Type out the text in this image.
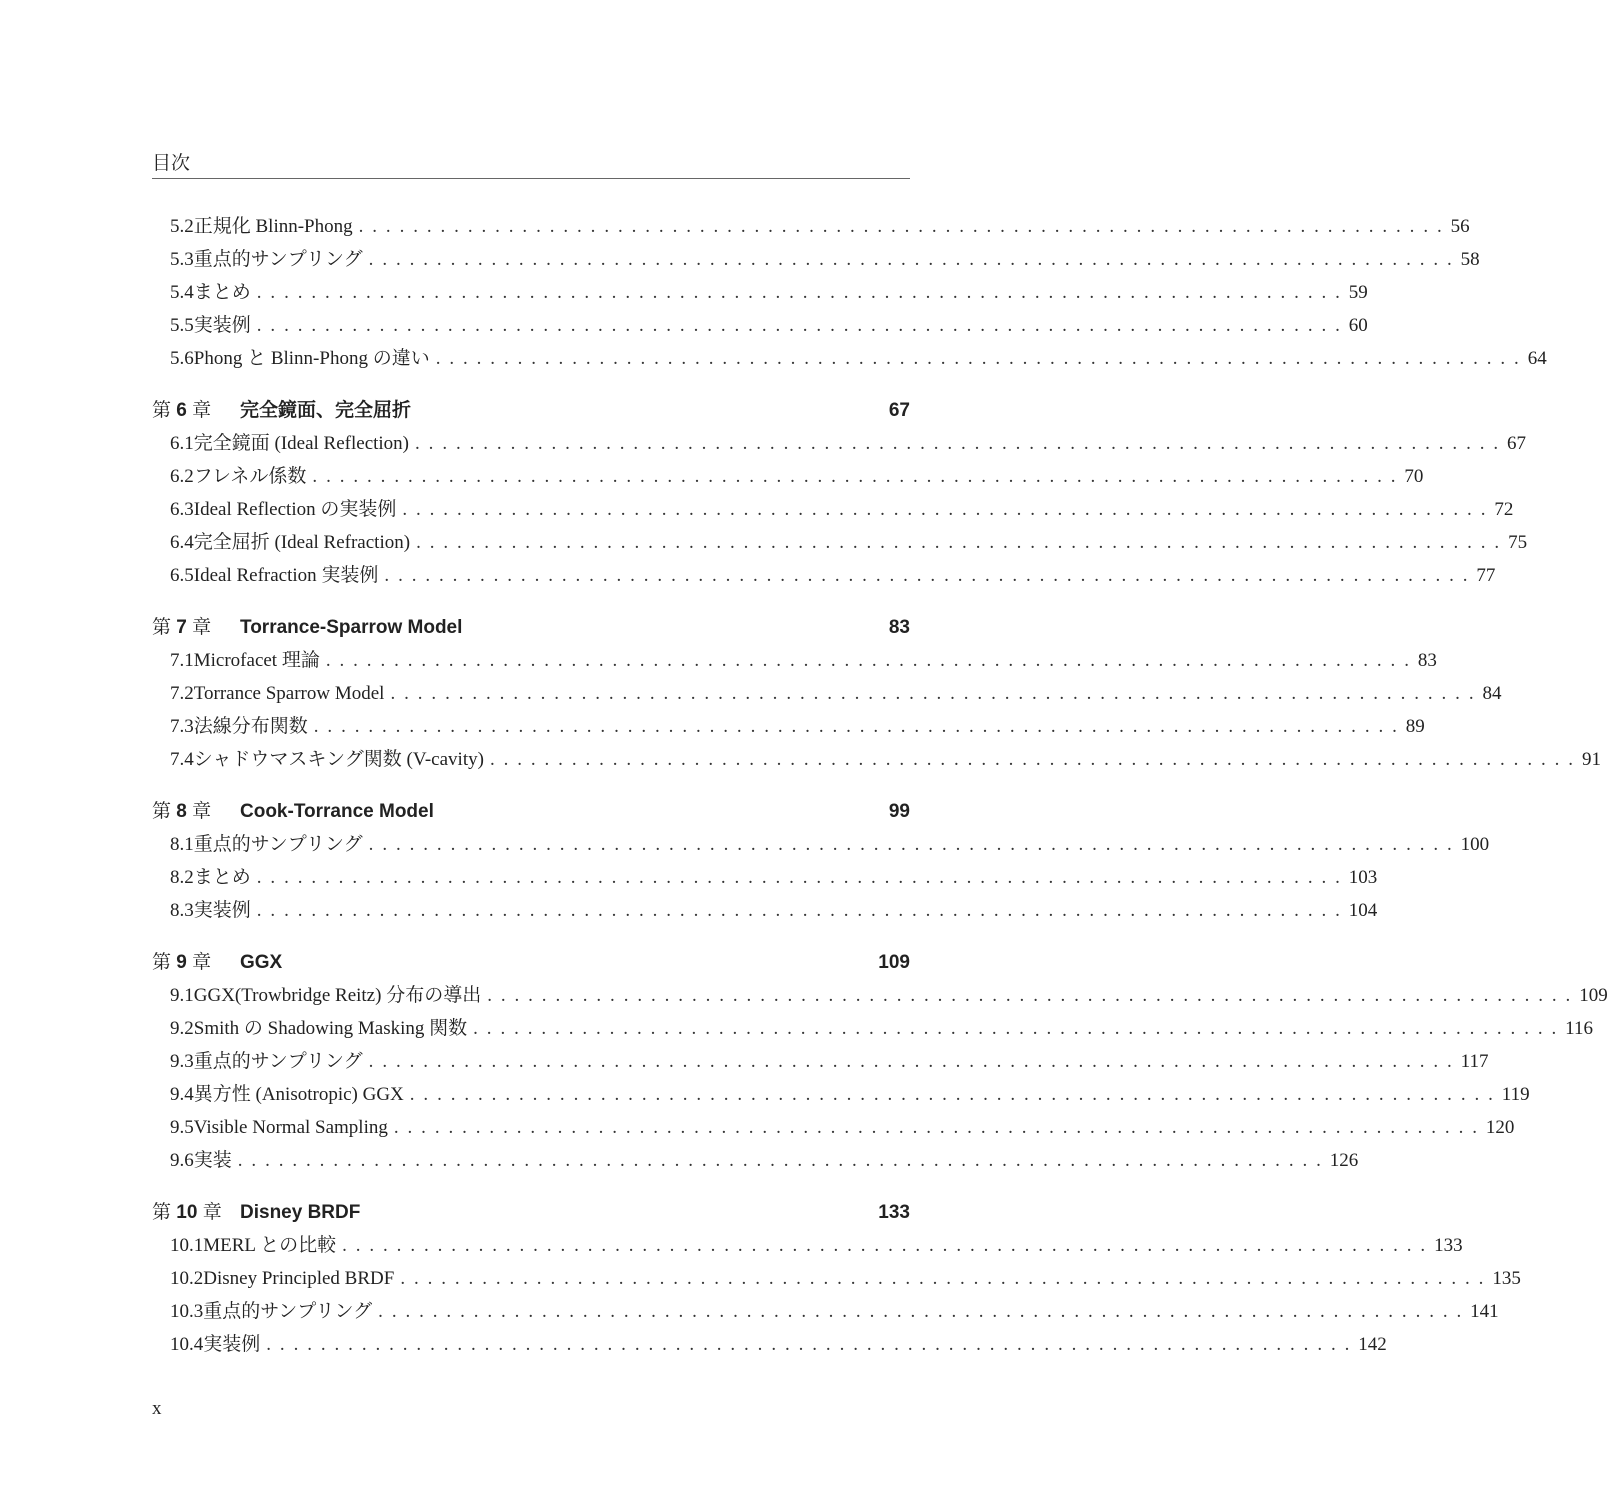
目次
5.2 正規化 Blinn-Phong ................................................................................ 56
5.3 重点的サンプリング ................................................................................ 58
5.4 まとめ ................................................................................ 59
5.5 実装例 ................................................................................ 60
5.6 Phong と Blinn-Phong の違い ................................................................................ 64
第 6 章	完全鏡面、完全屈折	67
6.1 完全鏡面 (Ideal Reflection) ................................................................................ 67
6.2 フレネル係数 ................................................................................ 70
6.3 Ideal Reflection の実装例 ................................................................................ 72
6.4 完全屈折 (Ideal Refraction) ................................................................................ 75
6.5 Ideal Refraction 実装例 ................................................................................ 77
第 7 章	Torrance-Sparrow Model	83
7.1 Microfacet 理論 ................................................................................ 83
7.2 Torrance Sparrow Model ................................................................................ 84
7.3 法線分布関数 ................................................................................ 89
7.4 シャドウマスキング関数 (V-cavity) ................................................................................ 91
第 8 章	Cook-Torrance Model	99
8.1 重点的サンプリング ................................................................................ 100
8.2 まとめ ................................................................................ 103
8.3 実装例 ................................................................................ 104
第 9 章	GGX	109
9.1 GGX(Trowbridge Reitz) 分布の導出 ................................................................................ 109
9.2 Smith の Shadowing Masking 関数 ................................................................................ 116
9.3 重点的サンプリング ................................................................................ 117
9.4 異方性 (Anisotropic) GGX ................................................................................ 119
9.5 Visible Normal Sampling ................................................................................ 120
9.6 実装 ................................................................................ 126
第 10 章 Disney BRDF	133
10.1 MERL との比較 ................................................................................ 133
10.2 Disney Principled BRDF ................................................................................ 135
10.3 重点的サンプリング ................................................................................ 141
10.4 実装例 ................................................................................ 142
x
